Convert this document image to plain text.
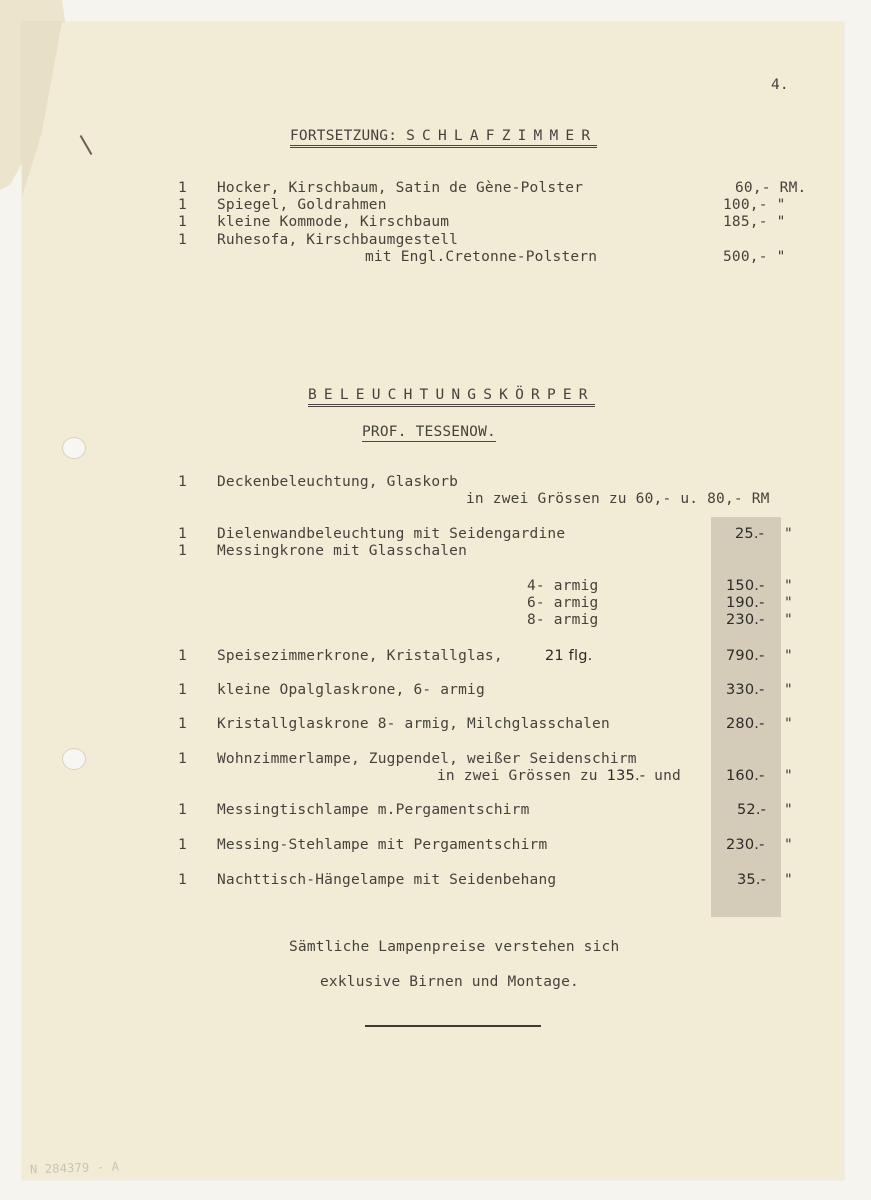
4.
FORTSETZUNG: SCHLAFZIMMER
1 Hocker, Kirschbaum, Satin de Gène-Polster	60,- RM.
1 Spiegel, Goldrahmen	100,- "
1 kleine Kommode, Kirschbaum	185,- "
1 Ruhesofa, Kirschbaumgestell
mit Engl.Cretonne-Polstern	500,- "
BELEUCHTUNGSKÖRPER
PROF. TESSENOW.
1 Deckenbeleuchtung, Glaskorb
in zwei Grössen zu 60,- u. 80,- RM
1 Dielenwandbeleuchtung mit Seidengardine	25.- "
1 Messingkrone mit Glasschalen
4- armig	150.- "
6- armig	190.- "
8- armig	230.- "
1 Speisezimmerkrone, Kristallglas,	21 flg.	790.- "
1 kleine Opalglaskrone, 6- armig	330.- "
1 Kristallglaskrone 8- armig, Milchglasschalen	280.- "
1 Wohnzimmerlampe, Zugpendel, weißer Seidenschirm
in zwei Grössen zu 135.- und	160.- "
1 Messingtischlampe m.Pergamentschirm	52.- "
1 Messing-Stehlampe mit Pergamentschirm	230.- "
1 Nachttisch-Hängelampe mit Seidenbehang	35.- "
Sämtliche Lampenpreise verstehen sich
exklusive Birnen und Montage.
N 284379 - A
